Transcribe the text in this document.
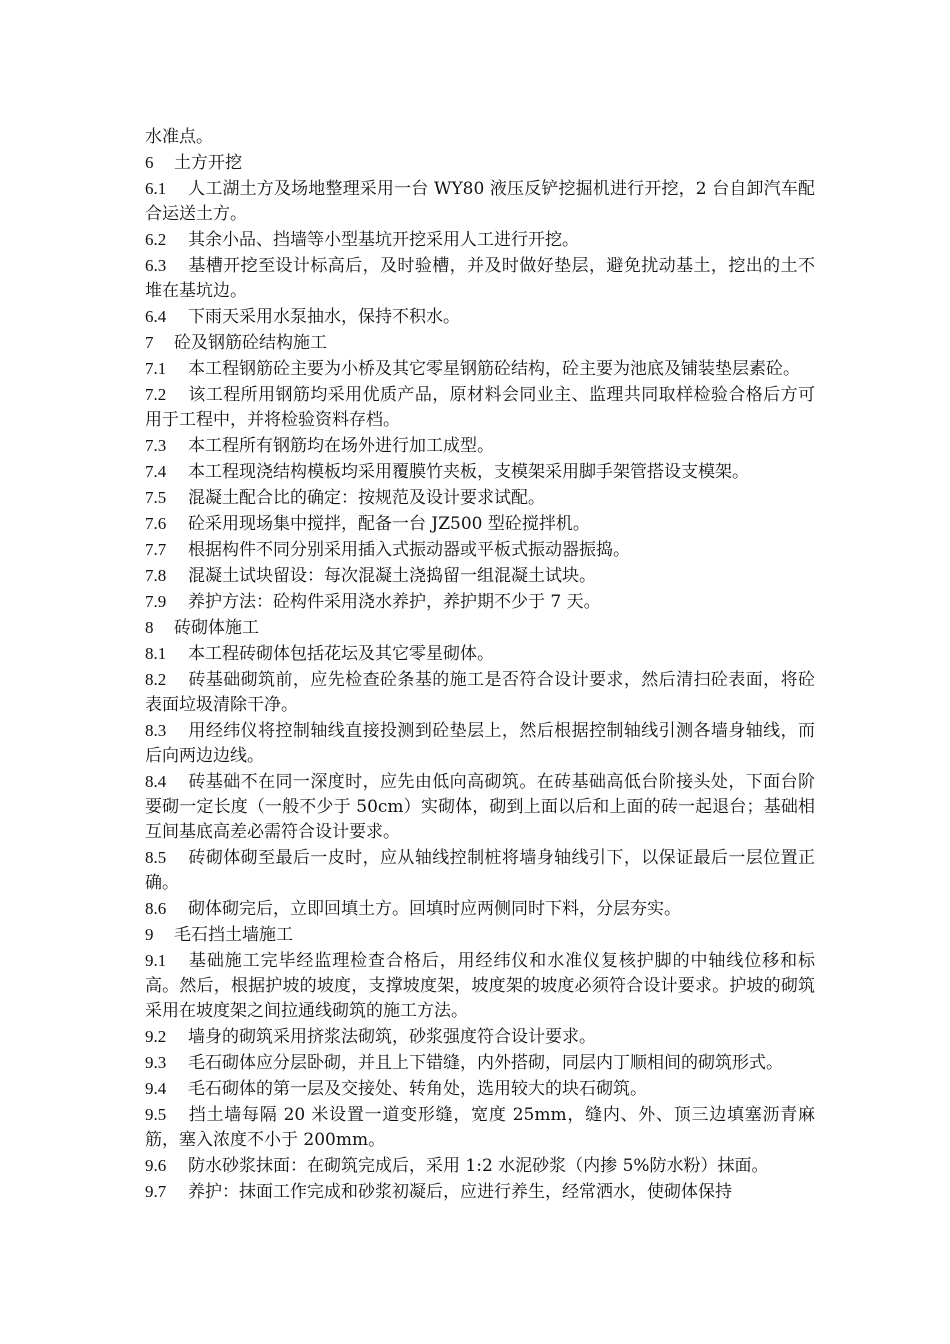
水准点。

6 土方开挖

6.1 人工湖土方及场地整理采用一台 WY80 液压反铲挖掘机进行开挖，2 台自卸汽车配合运送土方。

6.2 其余小品、挡墙等小型基坑开挖采用人工进行开挖。

6.3 基槽开挖至设计标高后，及时验槽，并及时做好垫层，避免扰动基土，挖出的土不堆在基坑边。

6.4 下雨天采用水泵抽水，保持不积水。

7 砼及钢筋砼结构施工

7.1 本工程钢筋砼主要为小桥及其它零星钢筋砼结构，砼主要为池底及铺装垫层素砼。

7.2 该工程所用钢筋均采用优质产品，原材料会同业主、监理共同取样检验合格后方可用于工程中，并将检验资料存档。

7.3 本工程所有钢筋均在场外进行加工成型。

7.4 本工程现浇结构模板均采用覆膜竹夹板，支模架采用脚手架管搭设支模架。

7.5 混凝土配合比的确定：按规范及设计要求试配。

7.6 砼采用现场集中搅拌，配备一台 JZ500 型砼搅拌机。

7.7 根据构件不同分别采用插入式振动器或平板式振动器振捣。

7.8 混凝土试块留设：每次混凝土浇捣留一组混凝土试块。

7.9 养护方法：砼构件采用浇水养护，养护期不少于 7 天。

8 砖砌体施工

8.1 本工程砖砌体包括花坛及其它零星砌体。

8.2 砖基础砌筑前，应先检查砼条基的施工是否符合设计要求，然后清扫砼表面，将砼表面垃圾清除干净。

8.3 用经纬仪将控制轴线直接投测到砼垫层上，然后根据控制轴线引测各墙身轴线，而后向两边边线。

8.4 砖基础不在同一深度时，应先由低向高砌筑。在砖基础高低台阶接头处，下面台阶要砌一定长度（一般不少于 50cm）实砌体，砌到上面以后和上面的砖一起退台；基础相互间基底高差必需符合设计要求。

8.5 砖砌体砌至最后一皮时，应从轴线控制桩将墙身轴线引下，以保证最后一层位置正确。

8.6 砌体砌完后，立即回填土方。回填时应两侧同时下料，分层夯实。

9 毛石挡土墙施工

9.1 基础施工完毕经监理检查合格后，用经纬仪和水准仪复核护脚的中轴线位移和标高。然后，根据护坡的坡度，支撑坡度架，坡度架的坡度必须符合设计要求。护坡的砌筑采用在坡度架之间拉通线砌筑的施工方法。

9.2 墙身的砌筑采用挤浆法砌筑，砂浆强度符合设计要求。

9.3 毛石砌体应分层卧砌，并且上下错缝，内外搭砌，同层内丁顺相间的砌筑形式。

9.4 毛石砌体的第一层及交接处、转角处，选用较大的块石砌筑。

9.5 挡土墙每隔 20 米设置一道变形缝，宽度 25mm，缝内、外、顶三边填塞沥青麻筋，塞入浓度不小于 200mm。

9.6 防水砂浆抹面：在砌筑完成后，采用 1:2 水泥砂浆（内掺 5%防水粉）抹面。

9.7 养护：抹面工作完成和砂浆初凝后，应进行养生，经常洒水，使砌体保持
